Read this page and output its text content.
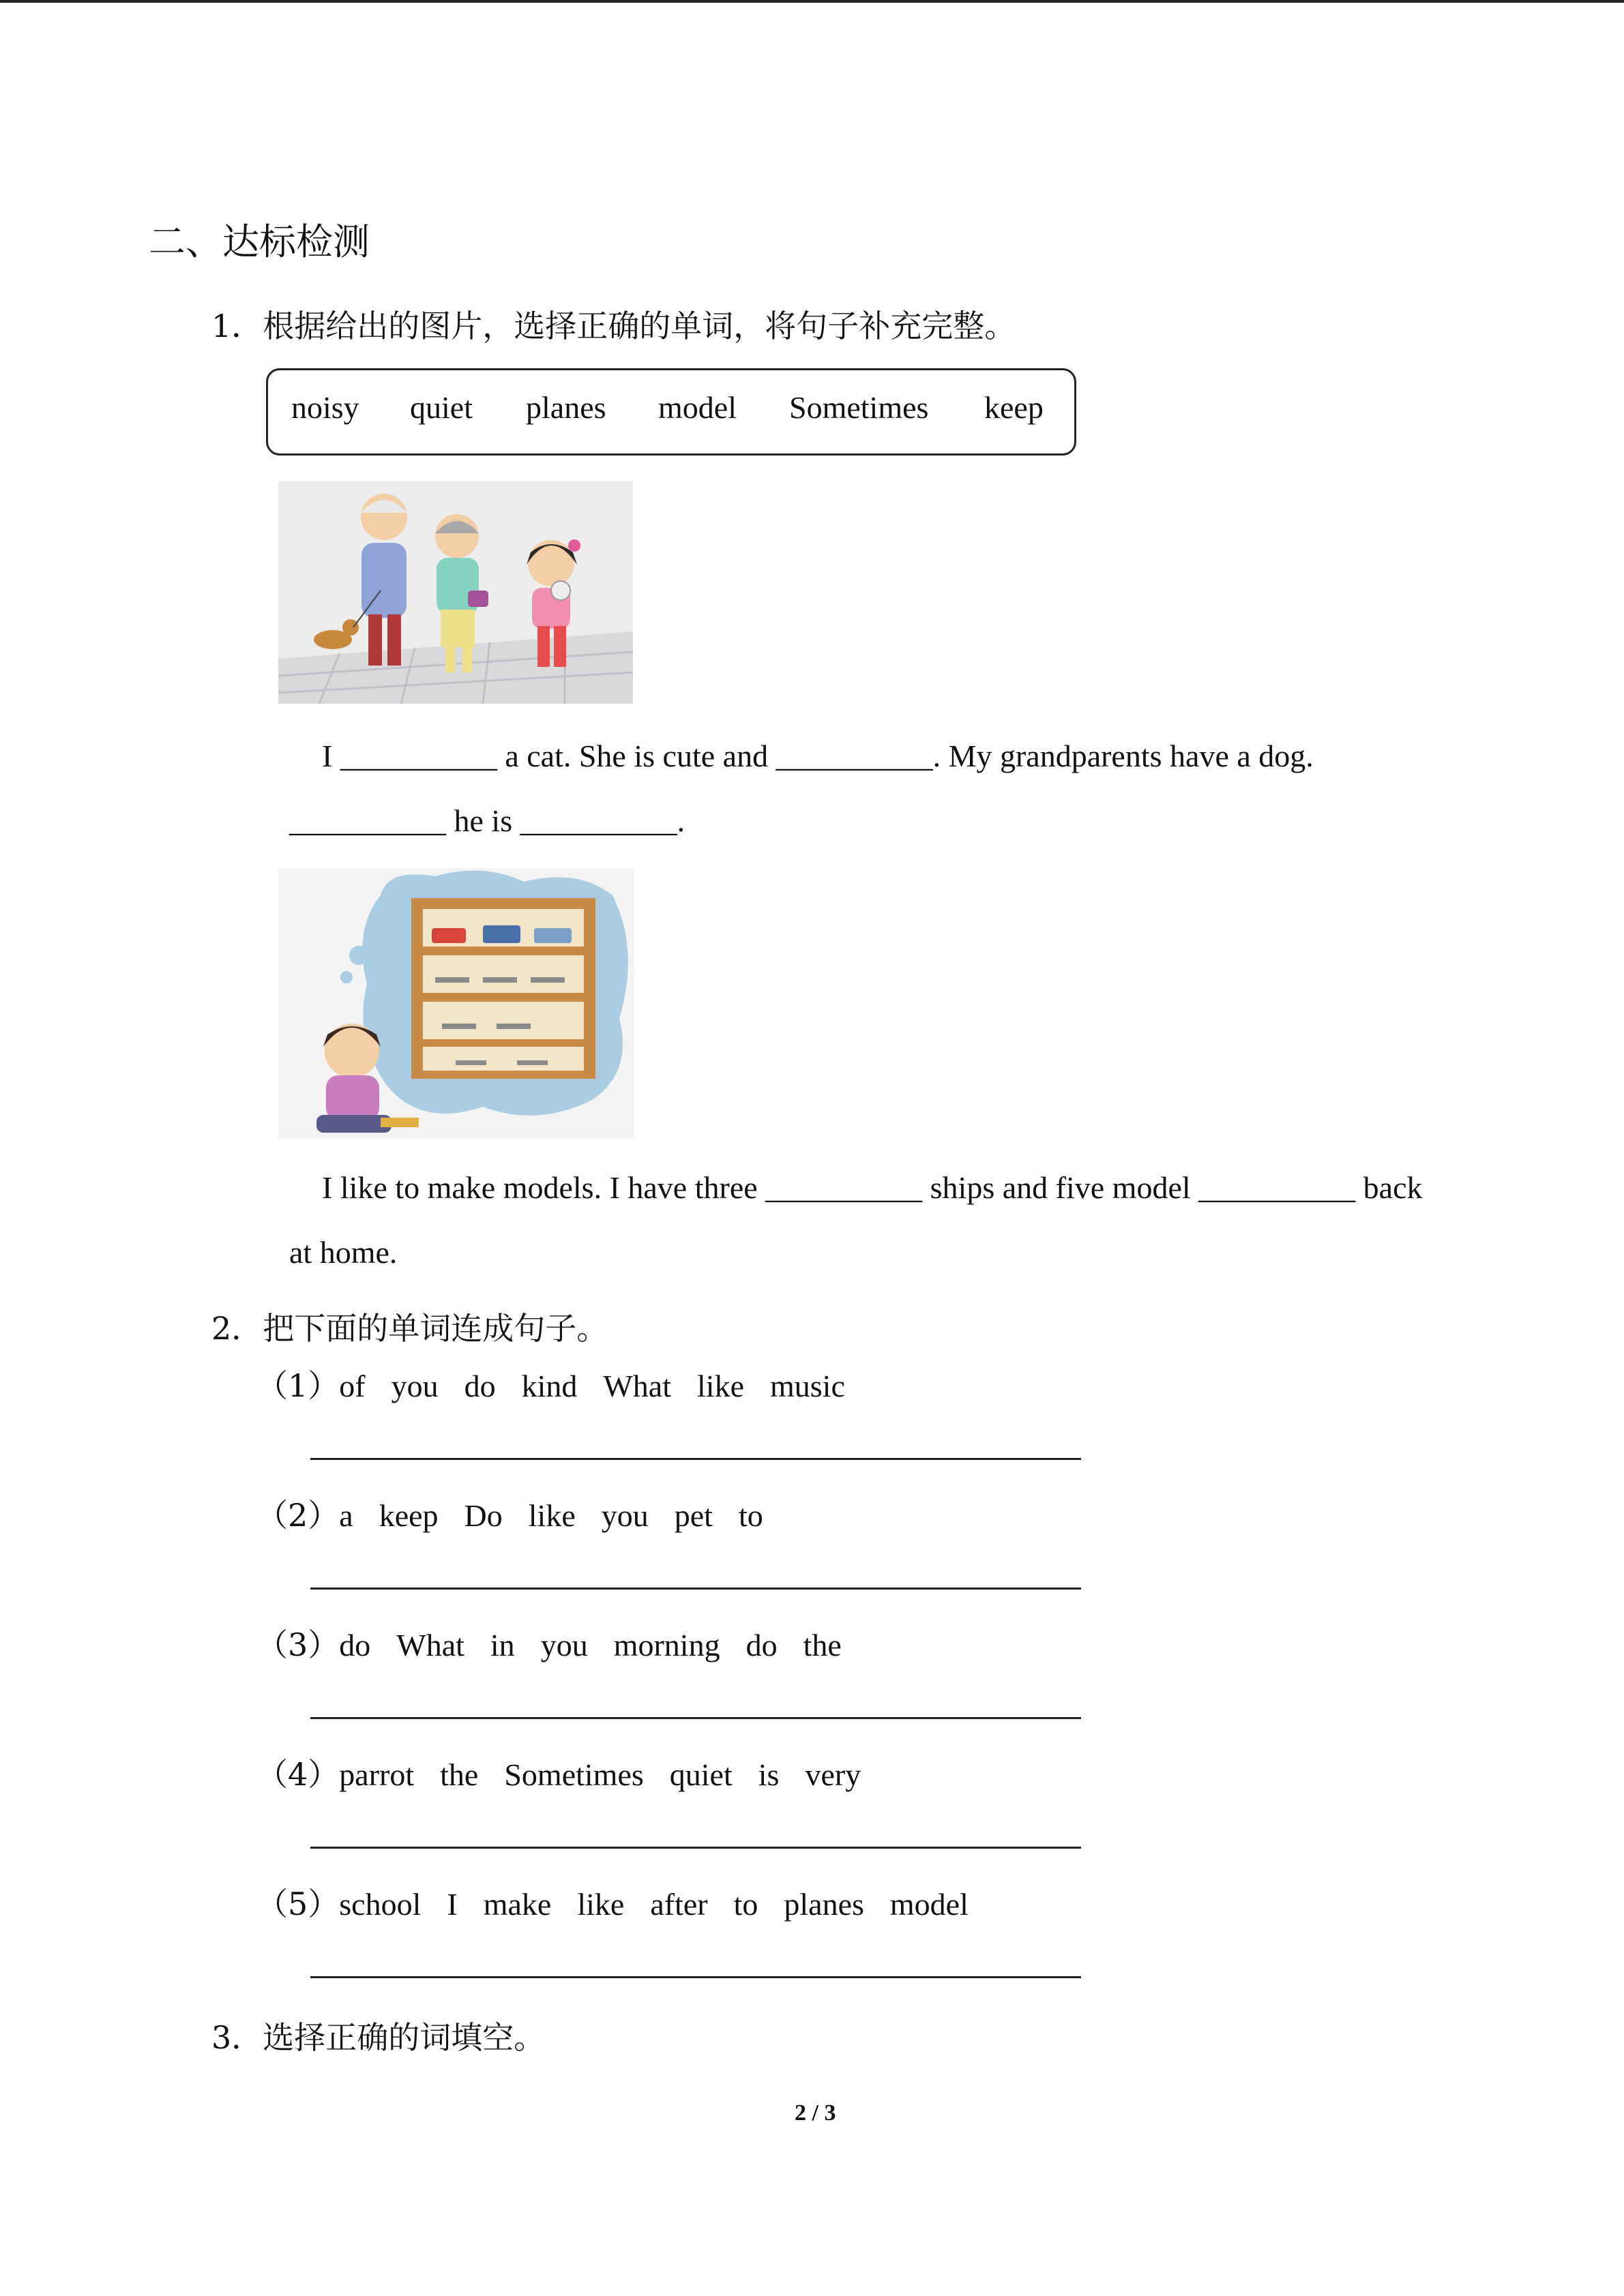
二、达标检测
1．根据给出的图片，选择正确的单词，将句子补充完整。
noisy quiet planes model Sometimes keep
I __________ a cat. She is cute and __________. My grandparents have a dog.
__________ he is __________.
I like to make models. I have three __________ ships and five model __________ back
at home.
2．把下面的单词连成句子。
（1）of you do kind What like music
（2）a keep Do like you pet to
（3）do What in you morning do the
（4）parrot the Sometimes quiet is very
（5）school I make like after to planes model
3．选择正确的词填空。
2 / 3
